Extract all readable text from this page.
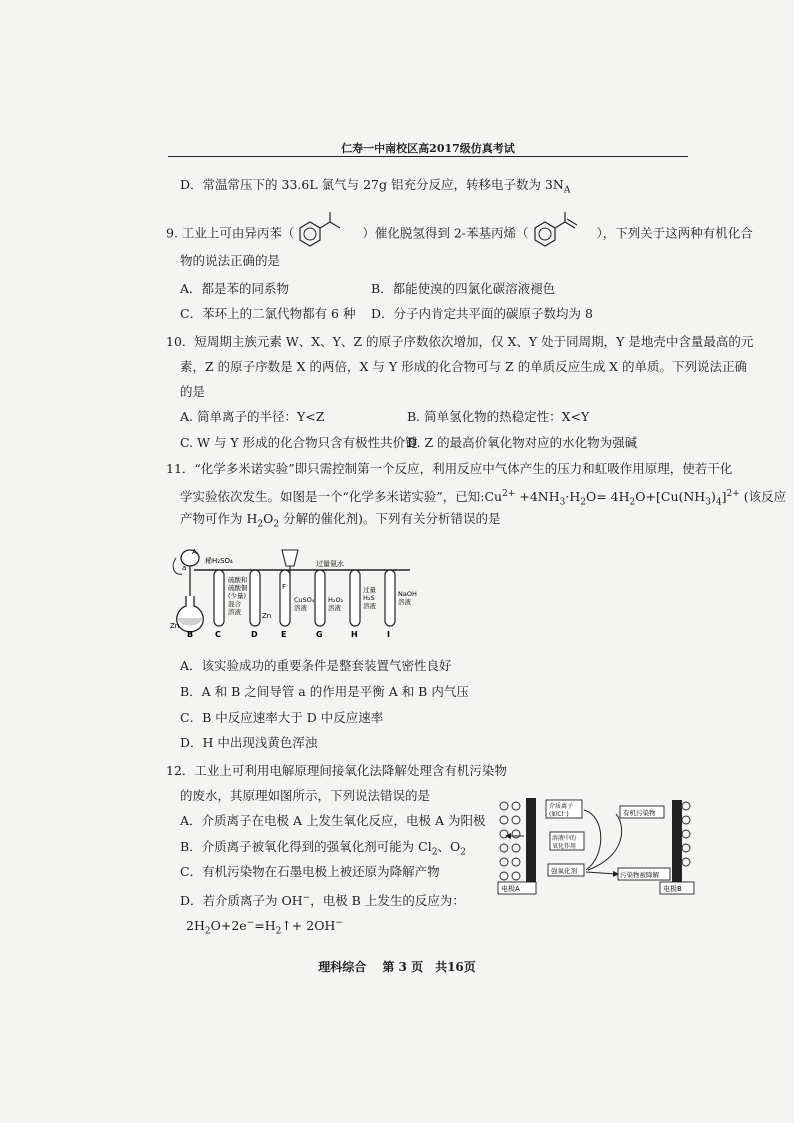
仁寿一中南校区高2017级仿真考试
D．常温常压下的 33.6L 氯气与 27g 铝充分反应，转移电子数为 $3N_A$
9. 工业上可由异丙苯（	）催化脱氢得到 2-苯基丙烯（	），下列关于这两种有机化合
物的说法正确的是
A．都是苯的同系物	B．都能使溴的四氯化碳溶液褪色
C．苯环上的二氯代物都有 6 种 D．分子内肯定共平面的碳原子数均为 8
10．短周期主族元素 W、X、Y、Z 的原子序数依次增加，仅 X、Y 处于同周期，Y 是地壳中含量最高的元
素，Z 的原子序数是 X 的两倍，X 与 Y 形成的化合物可与 Z 的单质反应生成 X 的单质。下列说法正确
的是
A. 简单离子的半径：Y<Z	B. 简单氢化物的热稳定性：X<Y
C. W 与 Y 形成的化合物只含有极性共价键
D. Z 的最高价氧化物对应的水化物为强碱
11．“化学多米诺实验”即只需控制第一个反应，利用反应中气体产生的压力和虹吸作用原理，使若干化
学实验依次发生。如图是一个“化学多米诺实验”，已知$:Cu^{2+} +4NH_3\cdot H_2O= 4H_2O+[Cu(NH_3)_4]^{2+}$ (该反应
产物可作为 $H_2O_2$ 分解的催化剂)。下列有关分析错误的是
A
a
稀H₂SO₄
Zn
F
过量氨水
Zn
硫酸和
硫酸铜
(少量)
混合
溶液
CuSO₄
溶液
H₂O₂
溶液
过量
H₂S
溶液
NaOH
溶液
B	C	D	E	G	H	I
A．该实验成功的重要条件是整套装置气密性良好
B．A 和 B 之间导管 a 的作用是平衡 A 和 B 内气压
C．B 中反应速率大于 D 中反应速率
D．H 中出现浅黄色浑浊
12．工业上可利用电解原理间接氧化法降解处理含有机污染物
的废水，其原理如图所示，下列说法错误的是
A．介质离子在电极 A 上发生氧化反应，电极 A 为阳极
B．介质离子被氧化得到的强氧化剂可能为 $Cl_2$、$O_2$
C．有机污染物在石墨电极上被还原为降解产物
D．若介质离子为 OH−，电极 B 上发生的反应为：
$2H_2O+2e^-=H_2↑+ 2OH^-$
电极A
介质离子
(如Cl⁻)
溶液中的
氧化作用
强氧化剂
有机污染物
污染物被降解
电极B
理科综合　 第 3 页　共16页
